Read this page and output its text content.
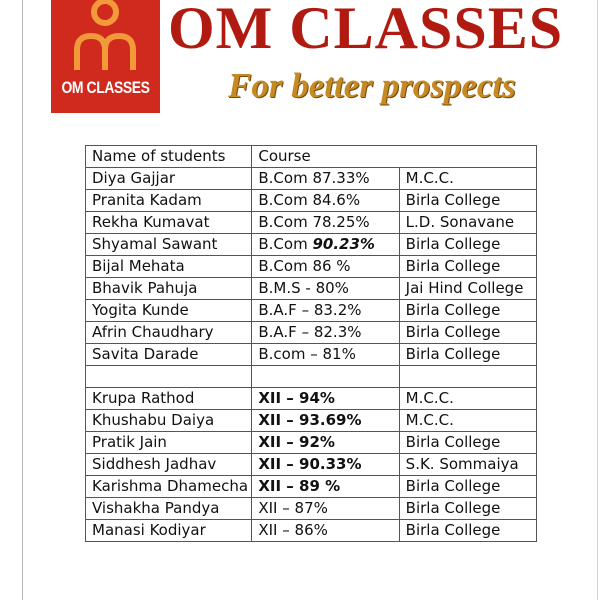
OM CLASSES
OM CLASSES
For better prospects
Name of students	Course	
Diya Gajjar	B.Com 87.33%	M.C.C.
Pranita Kadam	B.Com 84.6%	Birla College
Rekha Kumavat	B.Com 78.25%	L.D. Sonavane
Shyamal Sawant	B.Com 90.23%	Birla College
Bijal Mehata	B.Com 86 %	Birla College
Bhavik Pahuja	B.M.S - 80%	Jai Hind College
Yogita Kunde	B.A.F – 83.2%	Birla College
Afrin Chaudhary	B.A.F – 82.3%	Birla College
Savita Darade	B.com – 81%	Birla College

Krupa Rathod	XII – 94%	M.C.C.
Khushabu Daiya	XII – 93.69%	M.C.C.
Pratik Jain	XII – 92%	Birla College
Siddhesh Jadhav	XII – 90.33%	S.K. Sommaiya
Karishma Dhamecha	XII – 89 %	Birla College
Vishakha Pandya	XII – 87%	Birla College
Manasi Kodiyar	XII – 86%	Birla College
